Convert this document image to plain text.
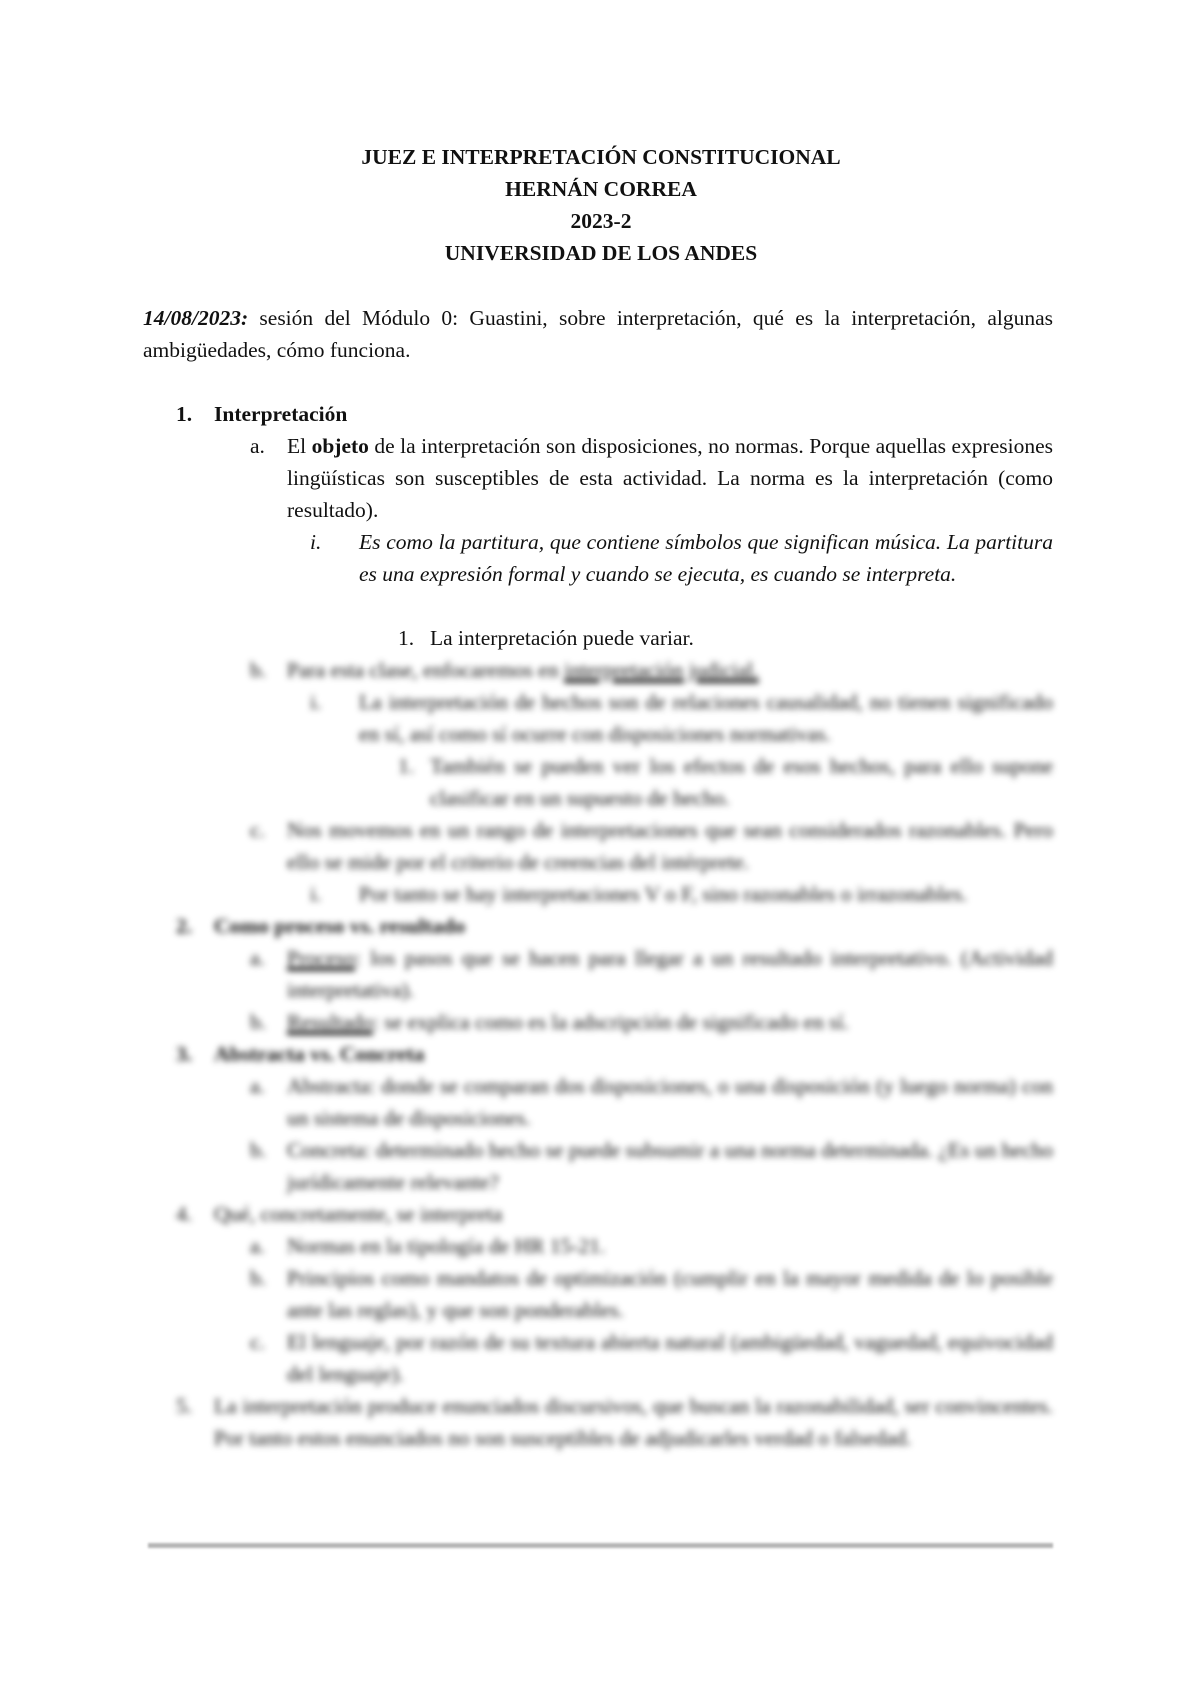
JUEZ E INTERPRETACIÓN CONSTITUCIONAL
HERNÁN CORREA
2023-2
UNIVERSIDAD DE LOS ANDES
14/08/2023: sesión del Módulo 0: Guastini, sobre interpretación, qué es la interpretación, algunas ambigüedades, cómo funciona.
1. Interpretación
a. El objeto de la interpretación son disposiciones, no normas. Porque aquellas expresiones lingüísticas son susceptibles de esta actividad. La norma es la interpretación (como resultado).
i. Es como la partitura, que contiene símbolos que significan música. La partitura es una expresión formal y cuando se ejecuta, es cuando se interpreta.
1. La interpretación puede variar.
b. Para esta clase, enfocaremos en interpretación judicial.
i. La interpretación de hechos son de relaciones causalidad, no tienen significado en sí, así como sí ocurre con disposiciones normativas.
1. También se pueden ver los efectos de esos hechos, para ello supone clasificar en un supuesto de hecho.
c. Nos movemos en un rango de interpretaciones que sean considerados razonables. Pero ello se mide por el criterio de creencias del intérprete.
i. Por tanto se hay interpretaciones V o F, sino razonables o irrazonables.
2. Como proceso vs. resultado
a. Proceso: los pasos que se hacen para llegar a un resultado interpretativo. (Actividad interpretativa).
b. Resultado: se explica como es la adscripción de significado en sí.
3. Abstracta vs. Concreta
a. Abstracta: donde se comparan dos disposiciones, o una disposición (y luego norma) con un sistema de disposiciones.
b. Concreta: determinado hecho se puede subsumir a una norma determinada. ¿Es un hecho jurídicamente relevante?
4. Qué, concretamente, se interpreta
a. Normas en la tipología de HR 15-21.
b. Principios como mandatos de optimización (cumplir en la mayor medida de lo posible ante las reglas), y que son ponderables.
c. El lenguaje, por razón de su textura abierta natural (ambigüedad, vaguedad, equivocidad del lenguaje).
5. La interpretación produce enunciados discursivos, que buscan la razonabilidad, ser convincentes. Por tanto estos enunciados no son susceptibles de adjudicarles verdad o falsedad.
